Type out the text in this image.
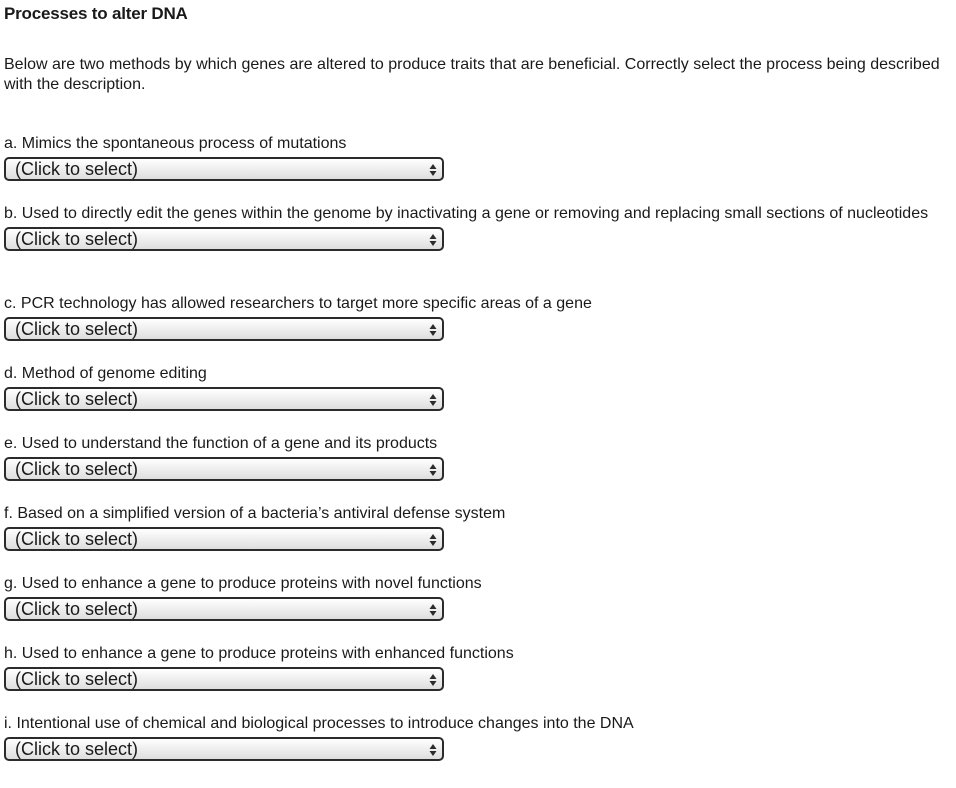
Processes to alter DNA
Below are two methods by which genes are altered to produce traits that are beneficial. Correctly select the process being described with the description.

a. Mimics the spontaneous process of mutations

(Click to select)

b. Used to directly edit the genes within the genome by inactivating a gene or removing and replacing small sections of nucleotides

(Click to select)

c. PCR technology has allowed researchers to target more specific areas of a gene

(Click to select)

d. Method of genome editing

(Click to select)

e. Used to understand the function of a gene and its products

(Click to select)

f. Based on a simplified version of a bacteria’s antiviral defense system

(Click to select)

g. Used to enhance a gene to produce proteins with novel functions

(Click to select)

h. Used to enhance a gene to produce proteins with enhanced functions

(Click to select)

i. Intentional use of chemical and biological processes to introduce changes into the DNA

(Click to select)
